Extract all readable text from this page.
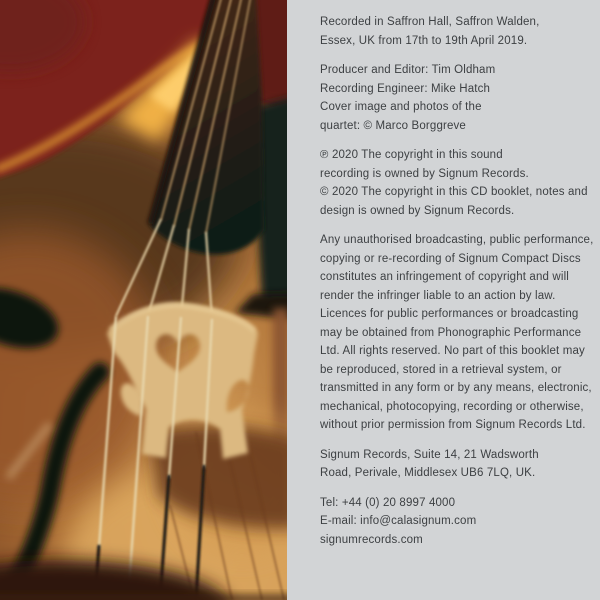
Recorded in Saffron Hall, Saffron Walden,
Essex, UK from 17th to 19th April 2019.
Producer and Editor: Tim Oldham
Recording Engineer: Mike Hatch
Cover image and photos of the
quartet: © Marco Borggreve
℗ 2020 The copyright in this sound
recording is owned by Signum Records.
© 2020 The copyright in this CD booklet, notes and
design is owned by Signum Records.
Any unauthorised broadcasting, public performance,
copying or re-recording of Signum Compact Discs
constitutes an infringement of copyright and will
render the infringer liable to an action by law.
Licences for public performances or broadcasting
may be obtained from Phonographic Performance
Ltd. All rights reserved. No part of this booklet may
be reproduced, stored in a retrieval system, or
transmitted in any form or by any means, electronic,
mechanical, photocopying, recording or otherwise,
without prior permission from Signum Records Ltd.
Signum Records, Suite 14, 21 Wadsworth
Road, Perivale, Middlesex UB6 7LQ, UK.
Tel: +44 (0) 20 8997 4000
E-mail: info@calasignum.com
signumrecords.com
